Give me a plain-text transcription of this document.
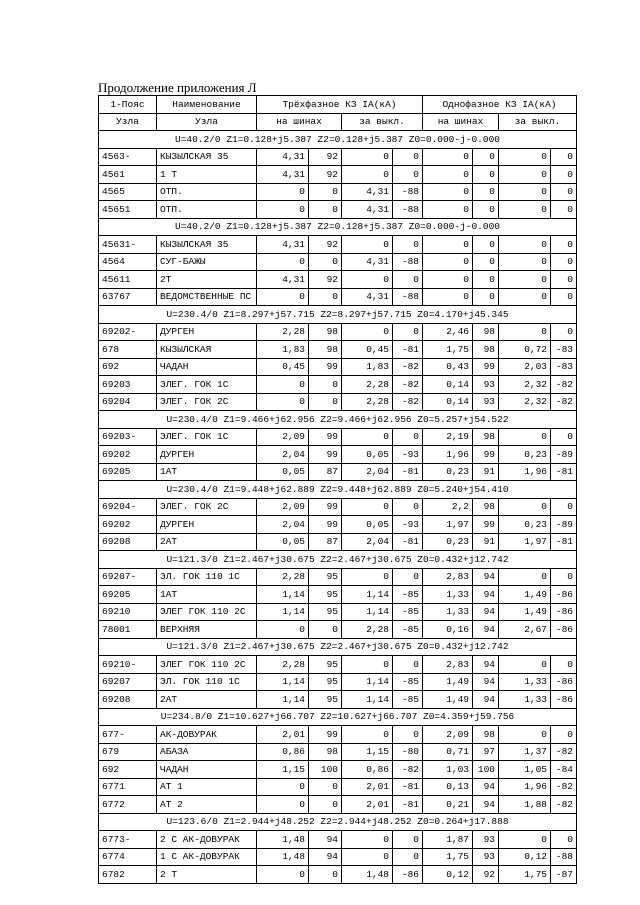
Продолжение приложения Л
1-Пояс	Наименование	Трёхфазное КЗ IA(кА)				Однофазное КЗ IA(кА)			
Узла	Узла	на шинах		за выкл.		на шинах		за выкл.	
U=40.2/0 Z1=0.128+j5.387 Z2=0.128+j5.387 Z0=0.000-j-0.000									
4563-	КЫЗЫЛСКАЯ 35	4,31	92	0	0	0	0	0	0
4561	1 Т	4,31	92	0	0	0	0	0	0
4565	ОТП.	0	0	4,31	-88	0	0	0	0
45651	ОТП.	0	0	4,31	-88	0	0	0	0
U=40.2/0 Z1=0.128+j5.387 Z2=0.128+j5.387 Z0=0.000-j-0.000									
45631-	КЫЗЫЛСКАЯ 35	4,31	92	0	0	0	0	0	0
4564	СУГ-БАЖЫ	0	0	4,31	-88	0	0	0	0
45611	2Т	4,31	92	0	0	0	0	0	0
63767	ВЕДОМСТВЕННЫЕ ПС	0	0	4,31	-88	0	0	0	0
U=230.4/0 Z1=8.297+j57.715 Z2=8.297+j57.715 Z0=4.170+j45.345									
69202-	ДУРГЕН	2,28	98	0	0	2,46	98	0	0
678	КЫЗЫЛСКАЯ	1,83	98	0,45	-81	1,75	98	0,72	-83
692	ЧАДАН	0,45	99	1,83	-82	0,43	99	2,03	-83
69203	ЭЛЕГ. ГОК 1С	0	0	2,28	-82	0,14	93	2,32	-82
69204	ЭЛЕГ. ГОК 2С	0	0	2,28	-82	0,14	93	2,32	-82
U=230.4/0 Z1=9.466+j62.956 Z2=9.466+j62.956 Z0=5.257+j54.522									
69203-	ЭЛЕГ. ГОК 1С	2,09	99	0	0	2,19	98	0	0
69202	ДУРГЕН	2,04	99	0,05	-93	1,96	99	0,23	-89
69205	1АТ	0,05	87	2,04	-81	0,23	91	1,96	-81
U=230.4/0 Z1=9.448+j62.889 Z2=9.448+j62.889 Z0=5.240+j54.410									
69204-	ЭЛЕГ. ГОК 2С	2,09	99	0	0	2,2	98	0	0
69202	ДУРГЕН	2,04	99	0,05	-93	1,97	99	0,23	-89
69208	2АТ	0,05	87	2,04	-81	0,23	91	1,97	-81
U=121.3/0 Z1=2.467+j30.675 Z2=2.467+j30.675 Z0=0.432+j12.742									
69207-	ЭЛ. ГОК 110 1С	2,28	95	0	0	2,83	94	0	0
69205	1АТ	1,14	95	1,14	-85	1,33	94	1,49	-86
69210	ЭЛЕГ ГОК 110 2С	1,14	95	1,14	-85	1,33	94	1,49	-86
78001	ВЕРХНЯЯ	0	0	2,28	-85	0,16	94	2,67	-86
U=121.3/0 Z1=2.467+j30.675 Z2=2.467+j30.675 Z0=0.432+j12.742									
69210-	ЭЛЕГ ГОК 110 2С	2,28	95	0	0	2,83	94	0	0
69207	ЭЛ. ГОК 110 1С	1,14	95	1,14	-85	1,49	94	1,33	-86
69208	2АТ	1,14	95	1,14	-85	1,49	94	1,33	-86
U=234.8/0 Z1=10.627+j66.707 Z2=10.627+j66.707 Z0=4.359+j59.756									
677-	АК-ДОВУРАК	2,01	99	0	0	2,09	98	0	0
679	АБАЗА	0,86	98	1,15	-80	0,71	97	1,37	-82
692	ЧАДАН	1,15	100	0,86	-82	1,03	100	1,05	-84
6771	АТ 1	0	0	2,01	-81	0,13	94	1,96	-82
6772	АТ 2	0	0	2,01	-81	0,21	94	1,88	-82
U=123.6/0 Z1=2.944+j48.252 Z2=2.944+j48.252 Z0=0.264+j17.888									
6773-	2 С АК-ДОВУРАК	1,48	94	0	0	1,87	93	0	0
6774	1 С АК-ДОВУРАК	1,48	94	0	0	1,75	93	0,12	-88
6782	2 Т	0	0	1,48	-86	0,12	92	1,75	-87
